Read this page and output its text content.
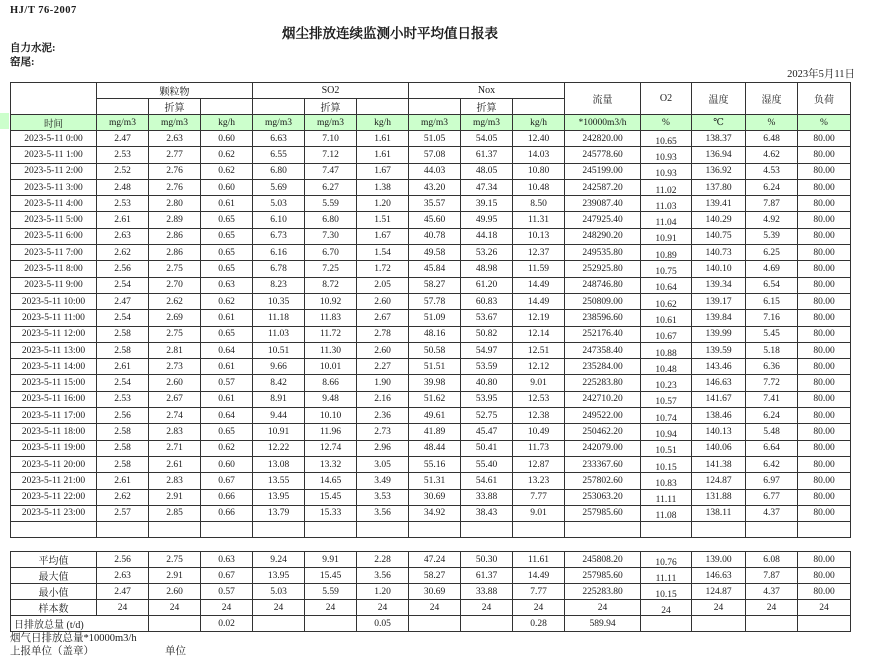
HJ/T 76-2007
烟尘排放连续监测小时平均值日报表
自力水泥:
窑尾:
2023年5月11日
	颗粒物			SO2			Nox			流量	O2	温度	湿度	负荷
		折算			折算			折算						
时间	mg/m3	mg/m3	kg/h	mg/m3	mg/m3	kg/h	mg/m3	mg/m3	kg/h	*10000m3/h	%	℃	%	%
2023-5-11 0:00	2.47	2.63	0.60	6.63	7.10	1.61	51.05	54.05	12.40	242820.00	10.65	138.37	6.48	80.00
2023-5-11 1:00	2.53	2.77	0.62	6.55	7.12	1.61	57.08	61.37	14.03	245778.60	10.93	136.94	4.62	80.00
2023-5-11 2:00	2.52	2.76	0.62	6.80	7.47	1.67	44.03	48.05	10.80	245199.00	10.93	136.92	4.53	80.00
2023-5-11 3:00	2.48	2.76	0.60	5.69	6.27	1.38	43.20	47.34	10.48	242587.20	11.02	137.80	6.24	80.00
2023-5-11 4:00	2.53	2.80	0.61	5.03	5.59	1.20	35.57	39.15	8.50	239087.40	11.03	139.41	7.87	80.00
2023-5-11 5:00	2.61	2.89	0.65	6.10	6.80	1.51	45.60	49.95	11.31	247925.40	11.04	140.29	4.92	80.00
2023-5-11 6:00	2.63	2.86	0.65	6.73	7.30	1.67	40.78	44.18	10.13	248290.20	10.91	140.75	5.39	80.00
2023-5-11 7:00	2.62	2.86	0.65	6.16	6.70	1.54	49.58	53.26	12.37	249535.80	10.89	140.73	6.25	80.00
2023-5-11 8:00	2.56	2.75	0.65	6.78	7.25	1.72	45.84	48.98	11.59	252925.80	10.75	140.10	4.69	80.00
2023-5-11 9:00	2.54	2.70	0.63	8.23	8.72	2.05	58.27	61.20	14.49	248746.80	10.64	139.34	6.54	80.00
2023-5-11 10:00	2.47	2.62	0.62	10.35	10.92	2.60	57.78	60.83	14.49	250809.00	10.62	139.17	6.15	80.00
2023-5-11 11:00	2.54	2.69	0.61	11.18	11.83	2.67	51.09	53.67	12.19	238596.60	10.61	139.84	7.16	80.00
2023-5-11 12:00	2.58	2.75	0.65	11.03	11.72	2.78	48.16	50.82	12.14	252176.40	10.67	139.99	5.45	80.00
2023-5-11 13:00	2.58	2.81	0.64	10.51	11.30	2.60	50.58	54.97	12.51	247358.40	10.88	139.59	5.18	80.00
2023-5-11 14:00	2.61	2.73	0.61	9.66	10.01	2.27	51.51	53.59	12.12	235284.00	10.48	143.46	6.36	80.00
2023-5-11 15:00	2.54	2.60	0.57	8.42	8.66	1.90	39.98	40.80	9.01	225283.80	10.23	146.63	7.72	80.00
2023-5-11 16:00	2.53	2.67	0.61	8.91	9.48	2.16	51.62	53.95	12.53	242710.20	10.57	141.67	7.41	80.00
2023-5-11 17:00	2.56	2.74	0.64	9.44	10.10	2.36	49.61	52.75	12.38	249522.00	10.74	138.46	6.24	80.00
2023-5-11 18:00	2.58	2.83	0.65	10.91	11.96	2.73	41.89	45.47	10.49	250462.20	10.94	140.13	5.48	80.00
2023-5-11 19:00	2.58	2.71	0.62	12.22	12.74	2.96	48.44	50.41	11.73	242079.00	10.51	140.06	6.64	80.00
2023-5-11 20:00	2.58	2.61	0.60	13.08	13.32	3.05	55.16	55.40	12.87	233367.60	10.15	141.38	6.42	80.00
2023-5-11 21:00	2.61	2.83	0.67	13.55	14.65	3.49	51.31	54.61	13.23	257802.60	10.83	124.87	6.97	80.00
2023-5-11 22:00	2.62	2.91	0.66	13.95	15.45	3.53	30.69	33.88	7.77	253063.20	11.11	131.88	6.77	80.00
2023-5-11 23:00	2.57	2.85	0.66	13.79	15.33	3.56	34.92	38.43	9.01	257985.60	11.08	138.11	4.37	80.00

平均值	2.56	2.75	0.63	9.24	9.91	2.28	47.24	50.30	11.61	245808.20	10.76	139.00	6.08	80.00
最大值	2.63	2.91	0.67	13.95	15.45	3.56	58.27	61.37	14.49	257985.60	11.11	146.63	7.87	80.00
最小值	2.47	2.60	0.57	5.03	5.59	1.20	30.69	33.88	7.77	225283.80	10.15	124.87	4.37	80.00
样本数	24	24	24	24	24	24	24	24	24	24	24	24	24	24
日排放总量 (t/d)			0.02			0.05			0.28	589.94				
烟气日排放总量*10000m3/h
上报单位（盖章）	单位
